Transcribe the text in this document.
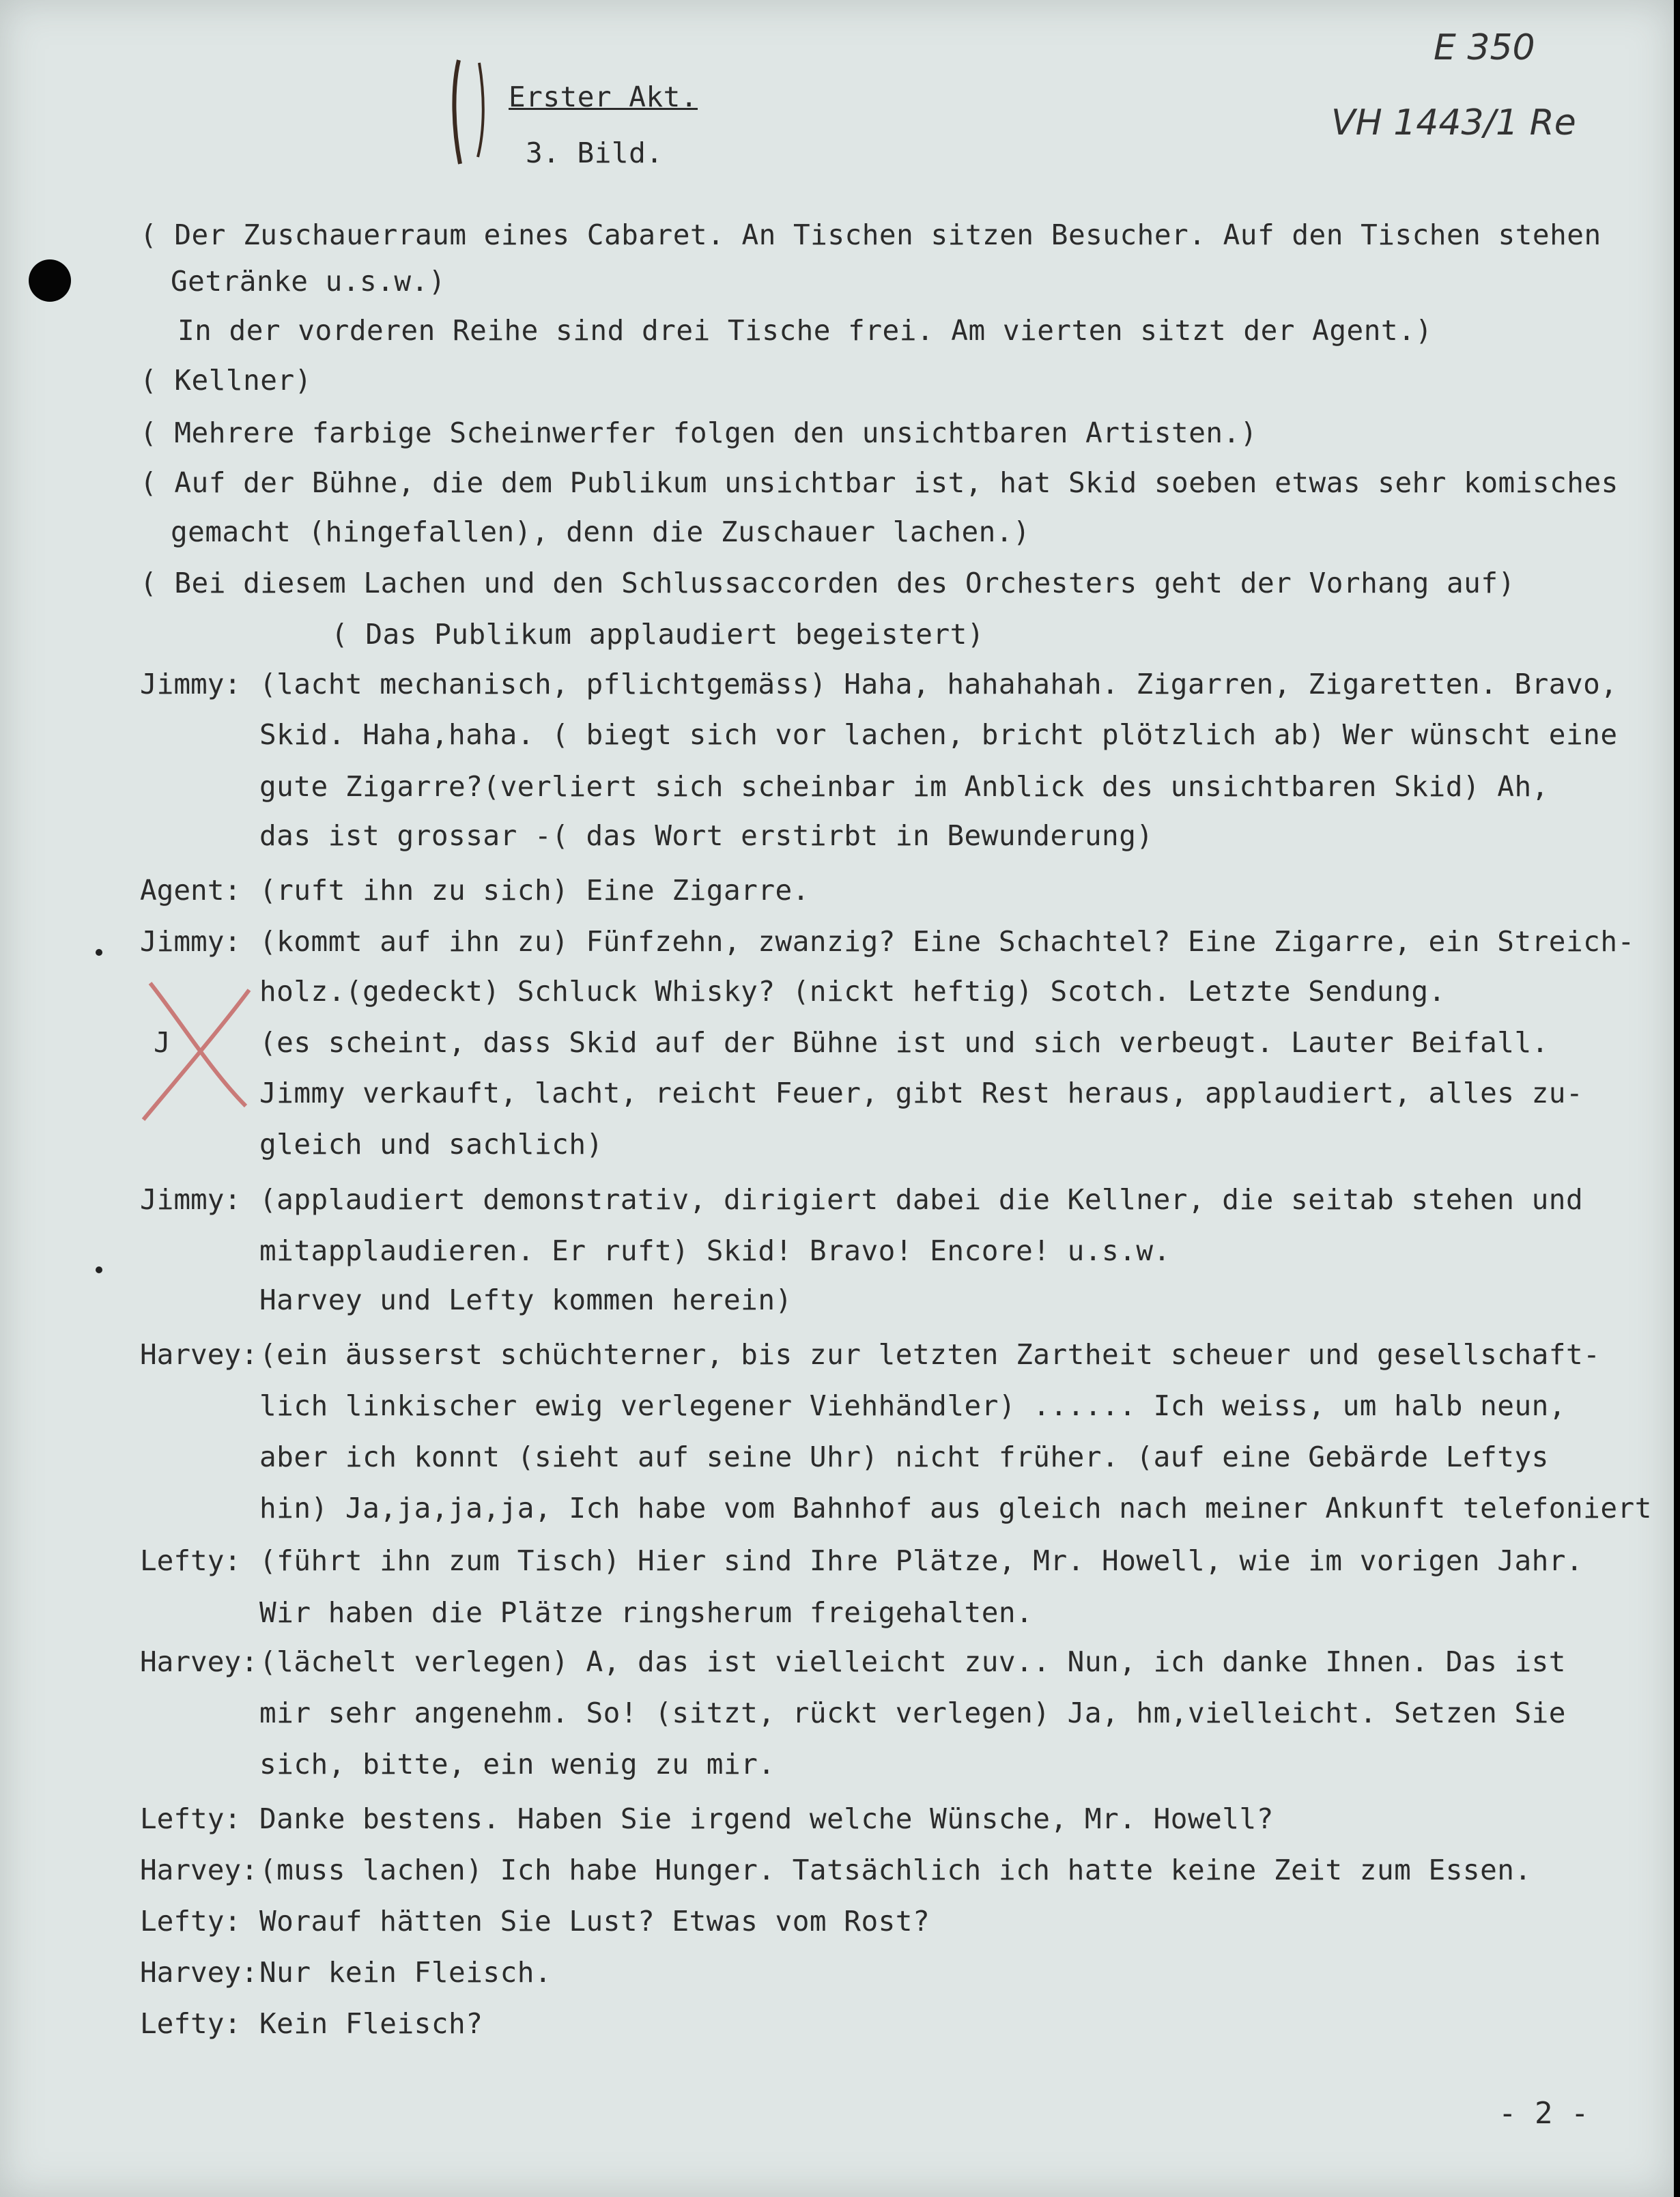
E 350
VH 1443/1 Re
Erster Akt.
3. Bild.
( Der Zuschauerraum eines Cabaret. An Tischen sitzen Besucher. Auf den Tischen stehen
Getränke u.s.w.)
In der vorderen Reihe sind drei Tische frei. Am vierten sitzt der Agent.)
( Kellner)
( Mehrere farbige Scheinwerfer folgen den unsichtbaren Artisten.)
( Auf der Bühne, die dem Publikum unsichtbar ist, hat Skid soeben etwas sehr komisches
gemacht (hingefallen), denn die Zuschauer lachen.)
( Bei diesem Lachen und den Schlussaccorden des Orchesters geht der Vorhang auf)
( Das Publikum applaudiert begeistert)
Jimmy: (lacht mechanisch, pflichtgemäss) Haha, hahahahah. Zigarren, Zigaretten. Bravo,
Skid. Haha,haha. ( biegt sich vor lachen, bricht plötzlich ab) Wer wünscht eine
gute Zigarre?(verliert sich scheinbar im Anblick des unsichtbaren Skid) Ah,
das ist grossar -( das Wort erstirbt in Bewunderung)
Agent: (ruft ihn zu sich) Eine Zigarre.
Jimmy: (kommt auf ihn zu) Fünfzehn, zwanzig? Eine Schachtel? Eine Zigarre, ein Streich-
holz.(gedeckt) Schluck Whisky? (nickt heftig) Scotch. Letzte Sendung.
J	(es scheint, dass Skid auf der Bühne ist und sich verbeugt. Lauter Beifall.
Jimmy verkauft, lacht, reicht Feuer, gibt Rest heraus, applaudiert, alles zu-
gleich und sachlich)
Jimmy: (applaudiert demonstrativ, dirigiert dabei die Kellner, die seitab stehen und
mitapplaudieren. Er ruft) Skid! Bravo! Encore! u.s.w.
Harvey und Lefty kommen herein)
Harvey: (ein äusserst schüchterner, bis zur letzten Zartheit scheuer und gesellschaft-
lich linkischer ewig verlegener Viehhändler) ...... Ich weiss, um halb neun,
aber ich konnt (sieht auf seine Uhr) nicht früher. (auf eine Gebärde Leftys
hin) Ja,ja,ja,ja, Ich habe vom Bahnhof aus gleich nach meiner Ankunft telefoniert
Lefty: (führt ihn zum Tisch) Hier sind Ihre Plätze, Mr. Howell, wie im vorigen Jahr.
Wir haben die Plätze ringsherum freigehalten.
Harvey: (lächelt verlegen) A, das ist vielleicht zuv.. Nun, ich danke Ihnen. Das ist
mir sehr angenehm. So! (sitzt, rückt verlegen) Ja, hm,vielleicht. Setzen Sie
sich, bitte, ein wenig zu mir.
Lefty: Danke bestens. Haben Sie irgend welche Wünsche, Mr. Howell?
Harvey: (muss lachen) Ich habe Hunger. Tatsächlich ich hatte keine Zeit zum Essen.
Lefty: Worauf hätten Sie Lust? Etwas vom Rost?
Harvey: Nur kein Fleisch.
Lefty: Kein Fleisch?
- 2 -
